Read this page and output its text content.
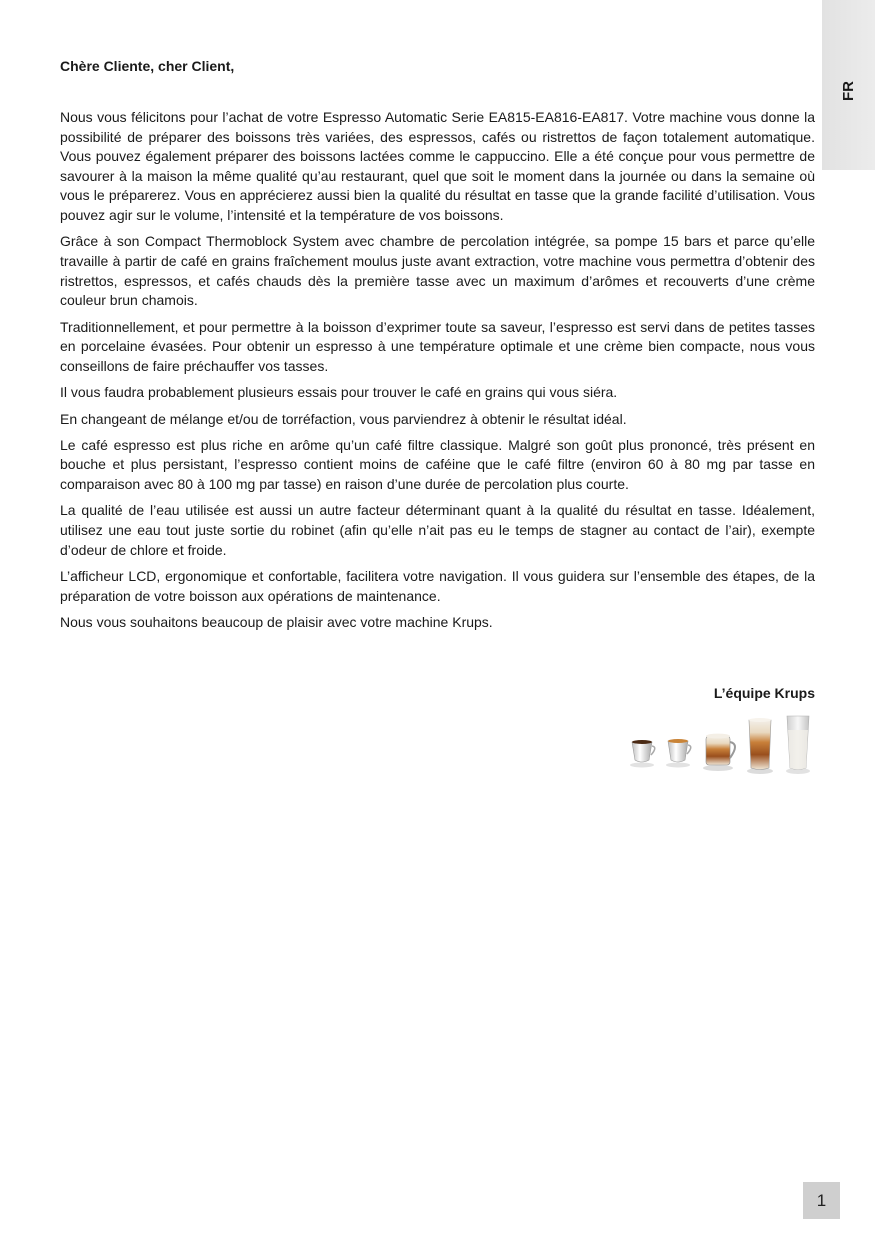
FR

Chère Cliente, cher Client,

Nous vous félicitons pour l’achat de votre Espresso Automatic Serie EA815-EA816-EA817. Votre machine vous donne la possibilité de préparer des boissons très variées, des espressos, cafés ou ristrettos de façon totalement automatique. Vous pouvez également préparer des boissons lactées comme le cappuccino. Elle a été conçue pour vous permettre de savourer à la maison la même qualité qu’au restaurant, quel que soit le moment dans la journée ou dans la semaine où vous le préparerez. Vous en apprécierez aussi bien la qualité du résultat en tasse que la grande facilité d’utilisation. Vous pouvez agir sur le volume, l’intensité et la température de vos boissons.

Grâce à son Compact Thermoblock System avec chambre de percolation intégrée, sa pompe 15 bars et parce qu’elle travaille à partir de café en grains fraîchement moulus juste avant extraction, votre machine vous permettra d’obtenir des ristrettos, espressos, et cafés chauds dès la première tasse avec un maximum d’arômes et recouverts d’une crème couleur brun chamois.

Traditionnellement, et pour permettre à la boisson d’exprimer toute sa saveur, l’espresso est servi dans de petites tasses en porcelaine évasées. Pour obtenir un espresso à une température optimale et une crème bien compacte, nous vous conseillons de faire préchauffer vos tasses.

Il vous faudra probablement plusieurs essais pour trouver le café en grains qui vous siéra.

En changeant de mélange et/ou de torréfaction, vous parviendrez à obtenir le résultat idéal.

Le café espresso est plus riche en arôme qu’un café filtre classique. Malgré son goût plus prononcé, très présent en bouche et plus persistant, l’espresso contient moins de caféine que le café filtre (environ 60 à 80 mg par tasse en comparaison avec 80 à 100 mg par tasse) en raison d’une durée de percolation plus courte.

La qualité de l’eau utilisée est aussi un autre facteur déterminant quant à la qualité du résultat en tasse. Idéalement, utilisez une eau tout juste sortie du robinet (afin qu’elle n’ait pas eu le temps de stagner au contact de l’air), exempte d’odeur de chlore et froide.

L’afficheur LCD, ergonomique et confortable, facilitera votre navigation. Il vous guidera sur l’ensemble des étapes, de la préparation de votre boisson aux opérations de maintenance.

Nous vous souhaitons beaucoup de plaisir avec votre machine Krups.

L’équipe Krups
1
